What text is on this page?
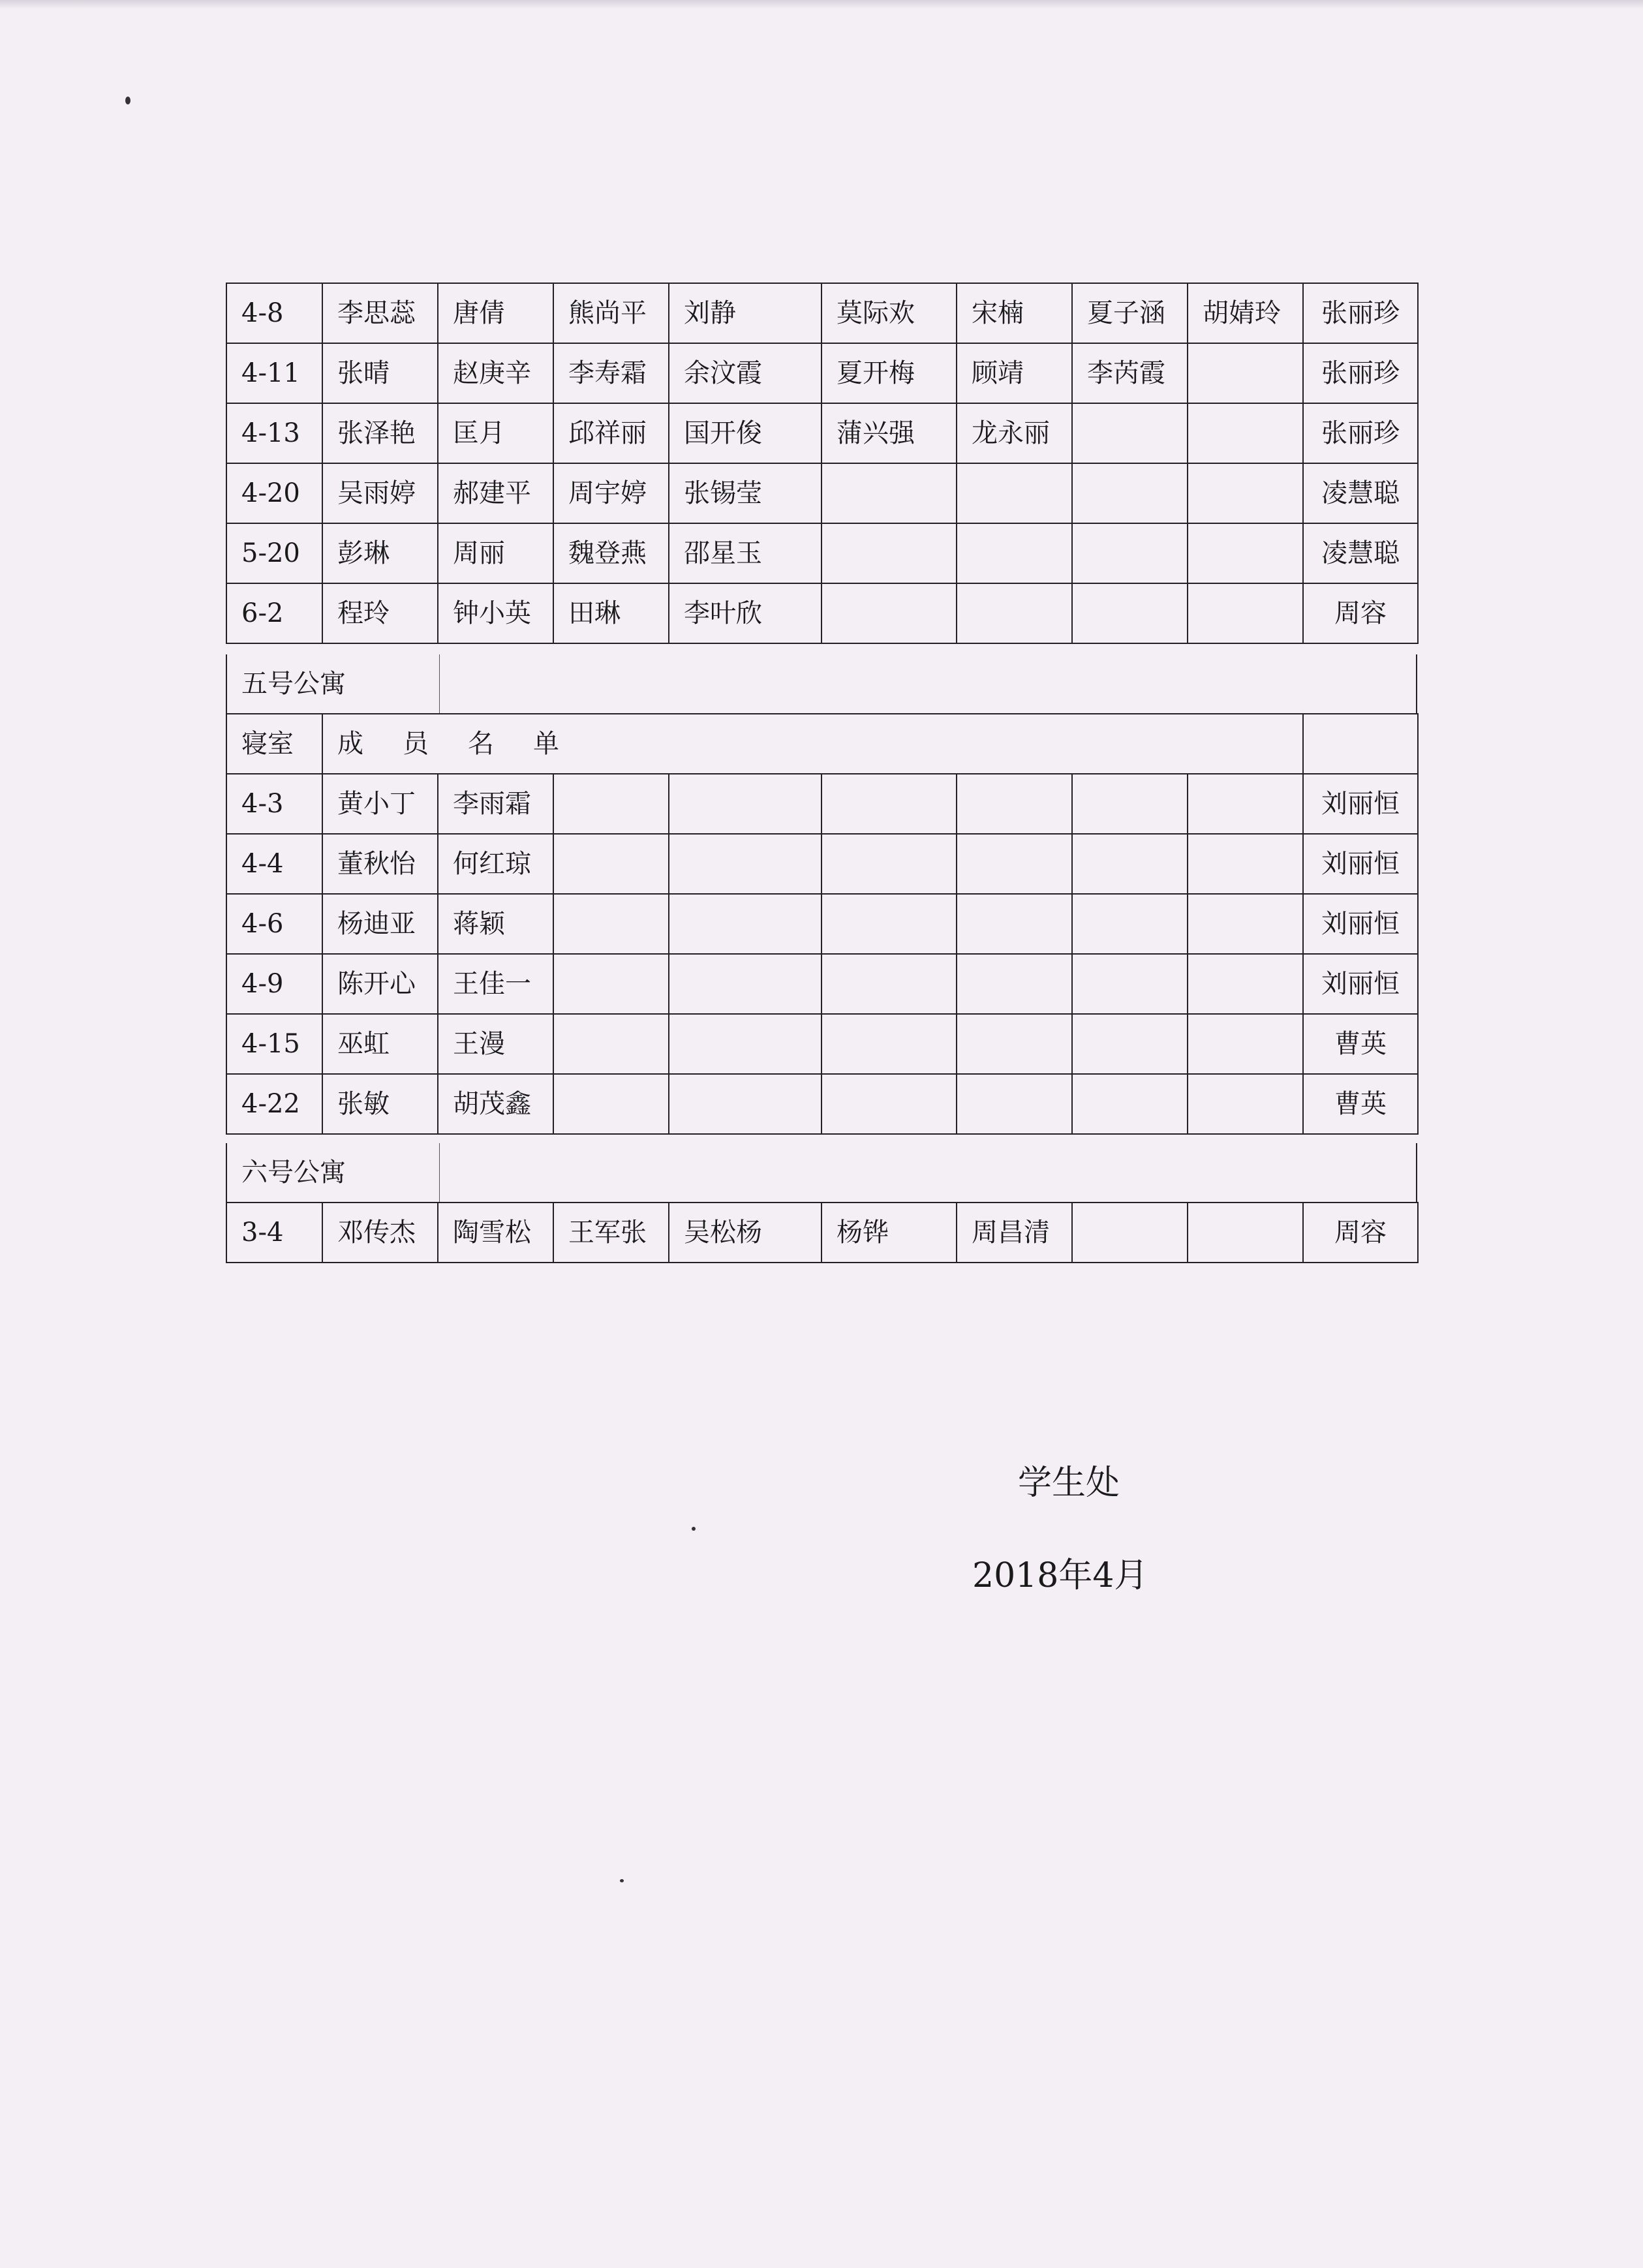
4-8	李思蕊	唐倩	熊尚平	刘静	莫际欢	宋楠	夏子涵	胡婧玲	张丽珍
4-11	张晴	赵庚辛	李寿霜	余汶霞	夏开梅	顾靖	李芮霞		张丽珍
4-13	张泽艳	匡月	邱祥丽	国开俊	蒲兴强	龙永丽			张丽珍
4-20	吴雨婷	郝建平	周宇婷	张锡莹					凌慧聪
5-20	彭琳	周丽	魏登燕	邵星玉					凌慧聪
6-2	程玲	钟小英	田琳	李叶欣					周容
五号公寓
寝室	成员名单								
4-3	黄小丁	李雨霜							刘丽恒
4-4	董秋怡	何红琼							刘丽恒
4-6	杨迪亚	蒋颖							刘丽恒
4-9	陈开心	王佳一							刘丽恒
4-15	巫虹	王漫							曹英
4-22	张敏	胡茂鑫							曹英
六号公寓
3-4	邓传杰	陶雪松	王军张	吴松杨	杨铧	周昌清			周容
学生处
2018年4月
